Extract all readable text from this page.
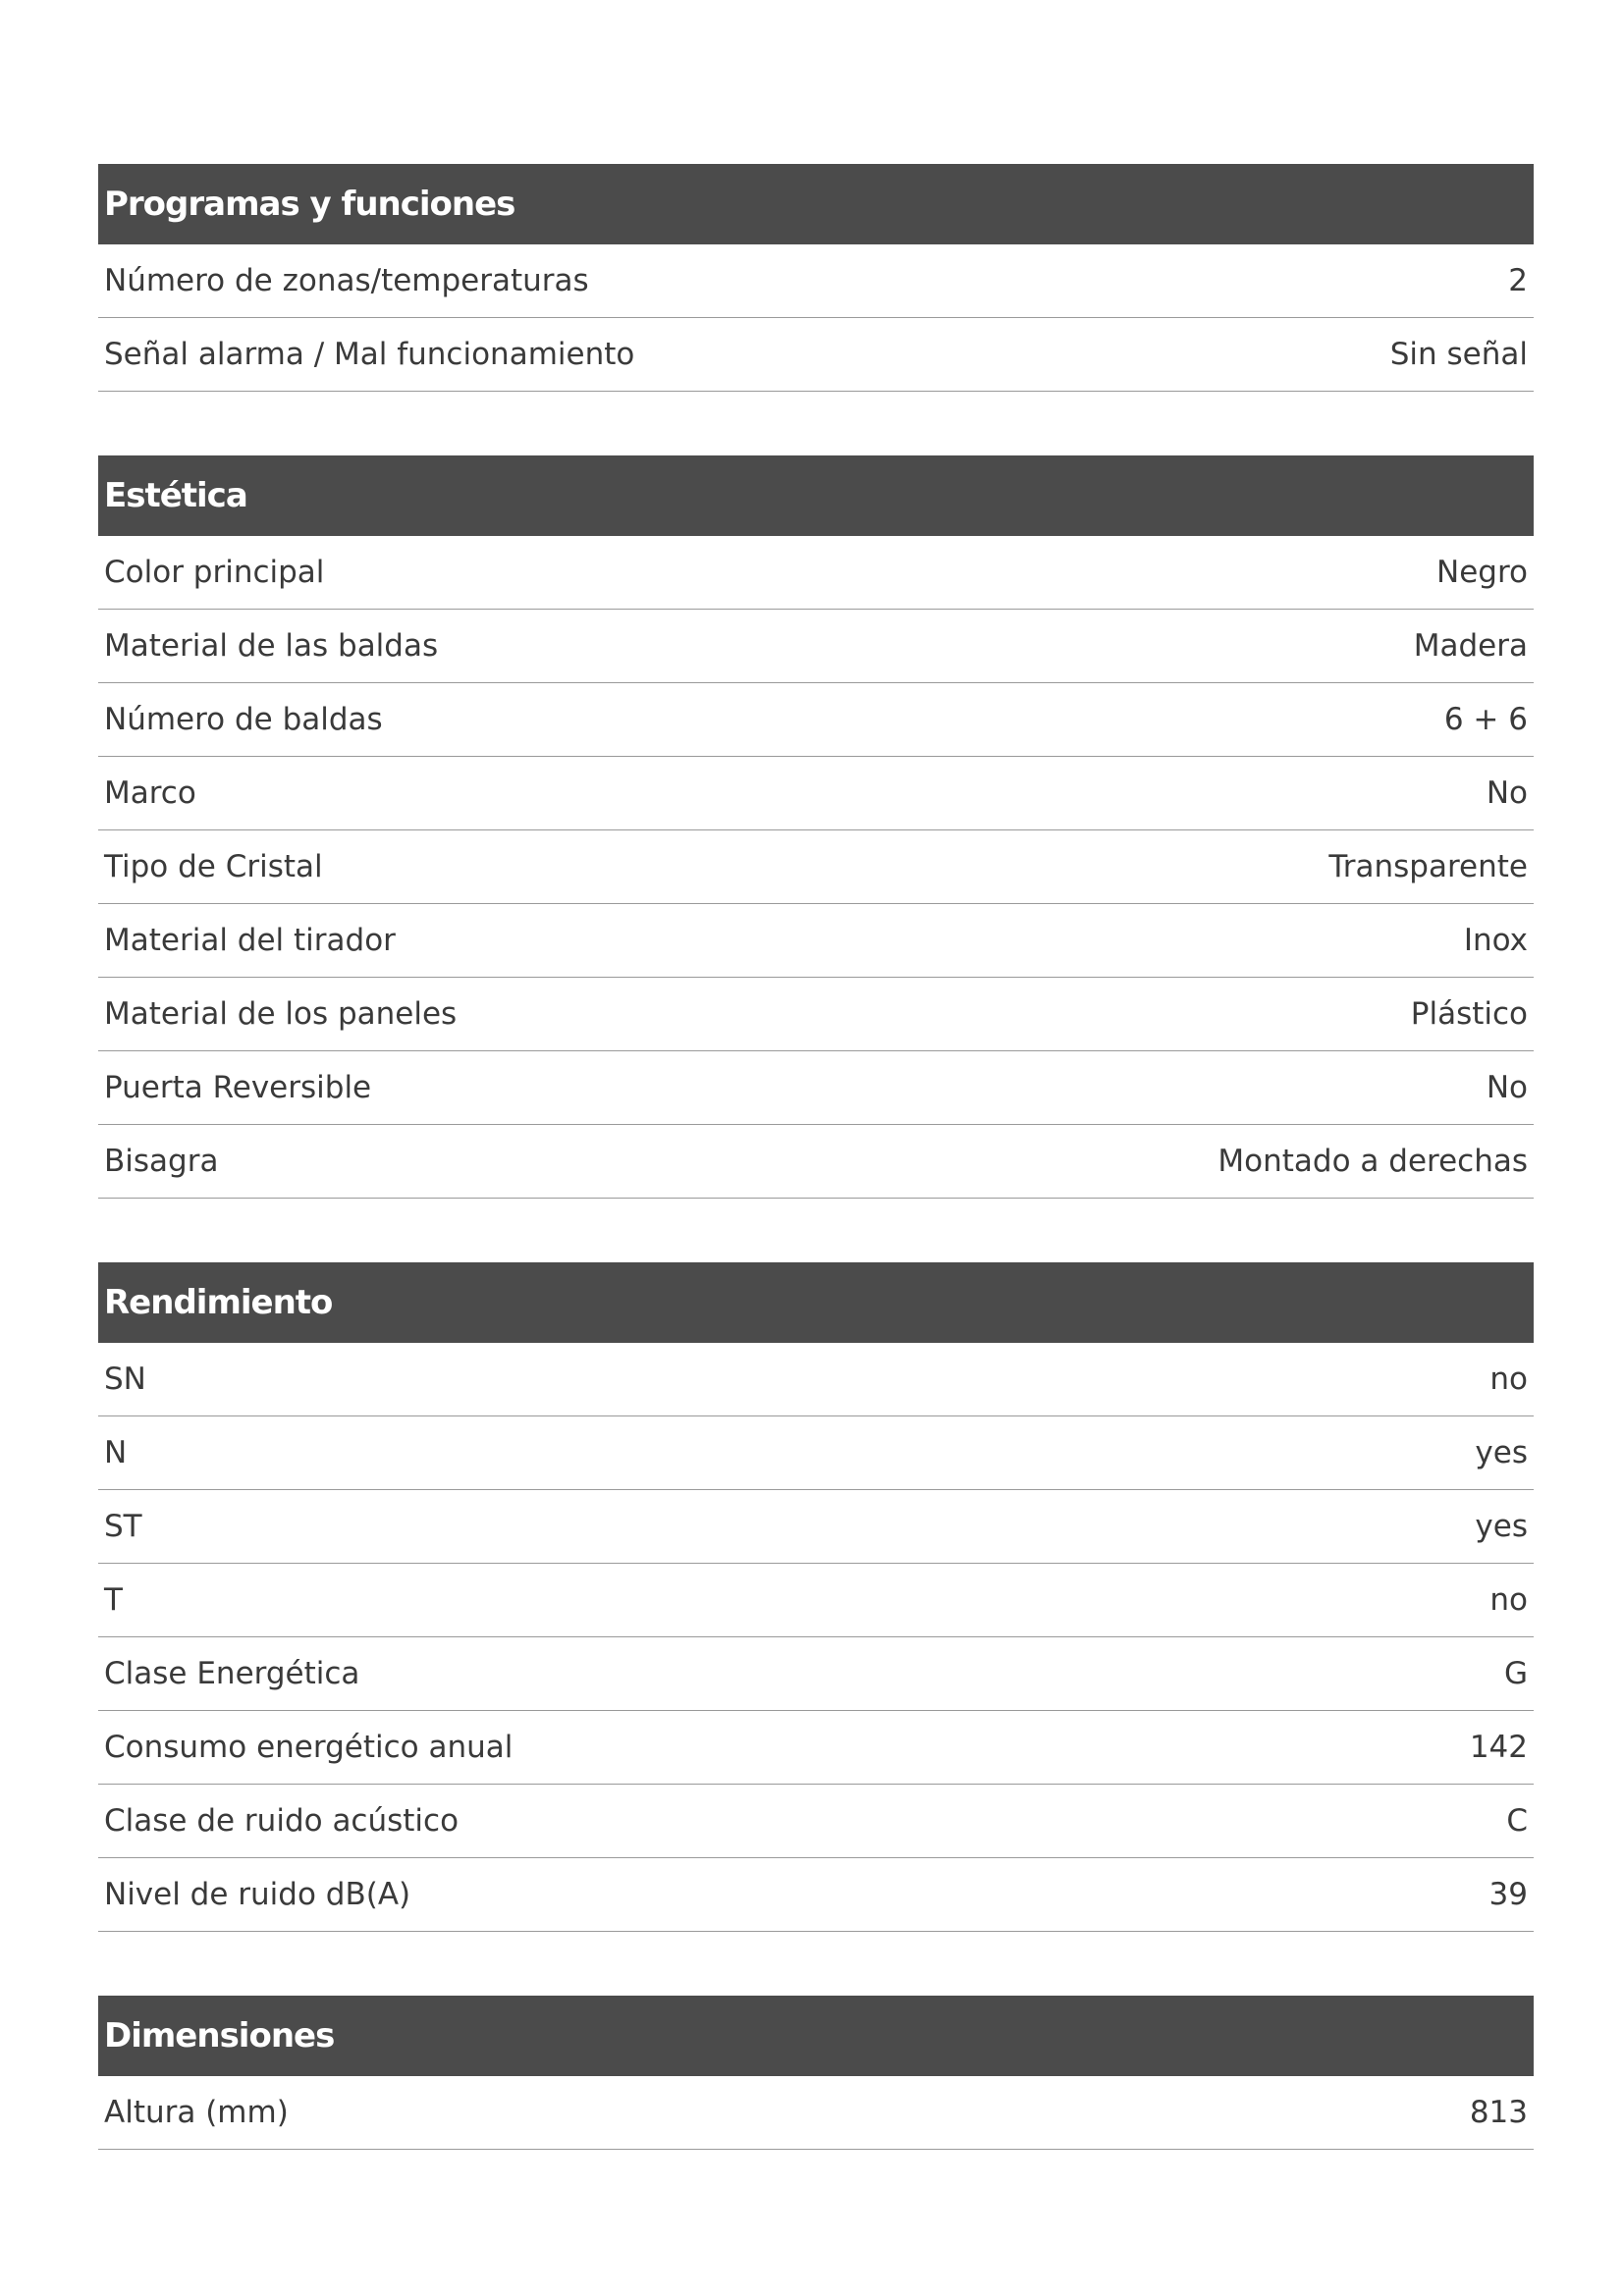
Programas y funciones
Número de zonas/temperaturas	2
Señal alarma / Mal funcionamiento	Sin señal
Estética
Color principal	Negro
Material de las baldas	Madera
Número de baldas	6 + 6
Marco	No
Tipo de Cristal	Transparente
Material del tirador	Inox
Material de los paneles	Plástico
Puerta Reversible	No
Bisagra	Montado a derechas
Rendimiento
SN	no
N	yes
ST	yes
T	no
Clase Energética	G
Consumo energético anual	142
Clase de ruido acústico	C
Nivel de ruido dB(A)	39
Dimensiones
Altura (mm)	813
